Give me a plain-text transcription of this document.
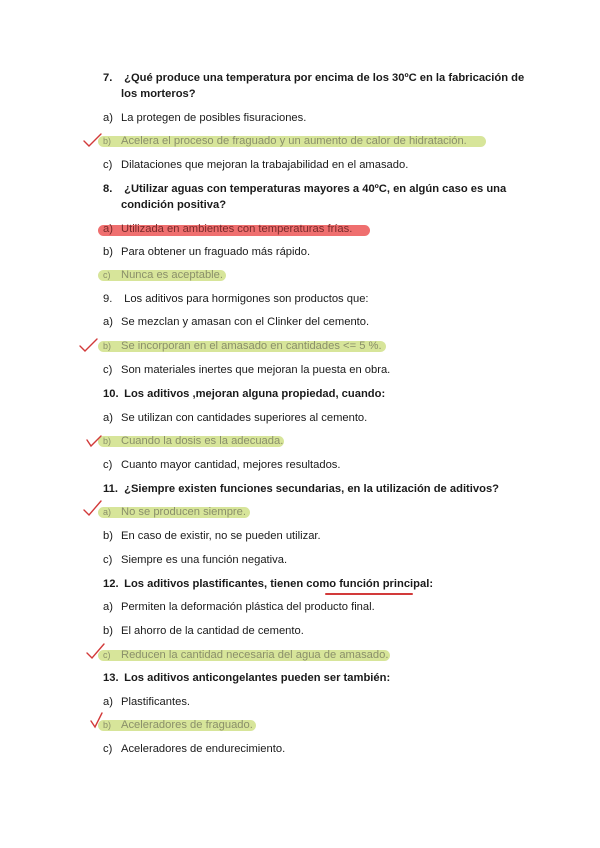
7. ¿Qué produce una temperatura por encima de los 30ºC en la fabricación de
los morteros?
a) La protegen de posibles fisuraciones.
b) Acelera el proceso de fraguado y un aumento de calor de hidratación.
c) Dilataciones que mejoran la trabajabilidad en el amasado.
8. ¿Utilizar aguas con temperaturas mayores a 40ºC, en algún caso es una
condición positiva?
a) Utilizada en ambientes con temperaturas frías.
b) Para obtener un fraguado más rápido.
c) Nunca es aceptable.
9. Los aditivos para hormigones son productos que:
a) Se mezclan y amasan con el Clinker del cemento.
b) Se incorporan en el amasado en cantidades <= 5 %.
c) Son materiales inertes que mejoran la puesta en obra.
10. Los aditivos ,mejoran alguna propiedad, cuando:
a) Se utilizan con cantidades superiores al cemento.
b) Cuando la dosis es la adecuada.
c) Cuanto mayor cantidad, mejores resultados.
11. ¿Siempre existen funciones secundarias, en la utilización de aditivos?
a) No se producen siempre.
b) En caso de existir, no se pueden utilizar.
c) Siempre es una función negativa.
12. Los aditivos plastificantes, tienen como función principal:
a) Permiten la deformación plástica del producto final.
b) El ahorro de la cantidad de cemento.
c) Reducen la cantidad necesaria del agua de amasado.
13. Los aditivos anticongelantes pueden ser también:
a) Plastificantes.
b) Aceleradores de fraguado.
c) Aceleradores de endurecimiento.
